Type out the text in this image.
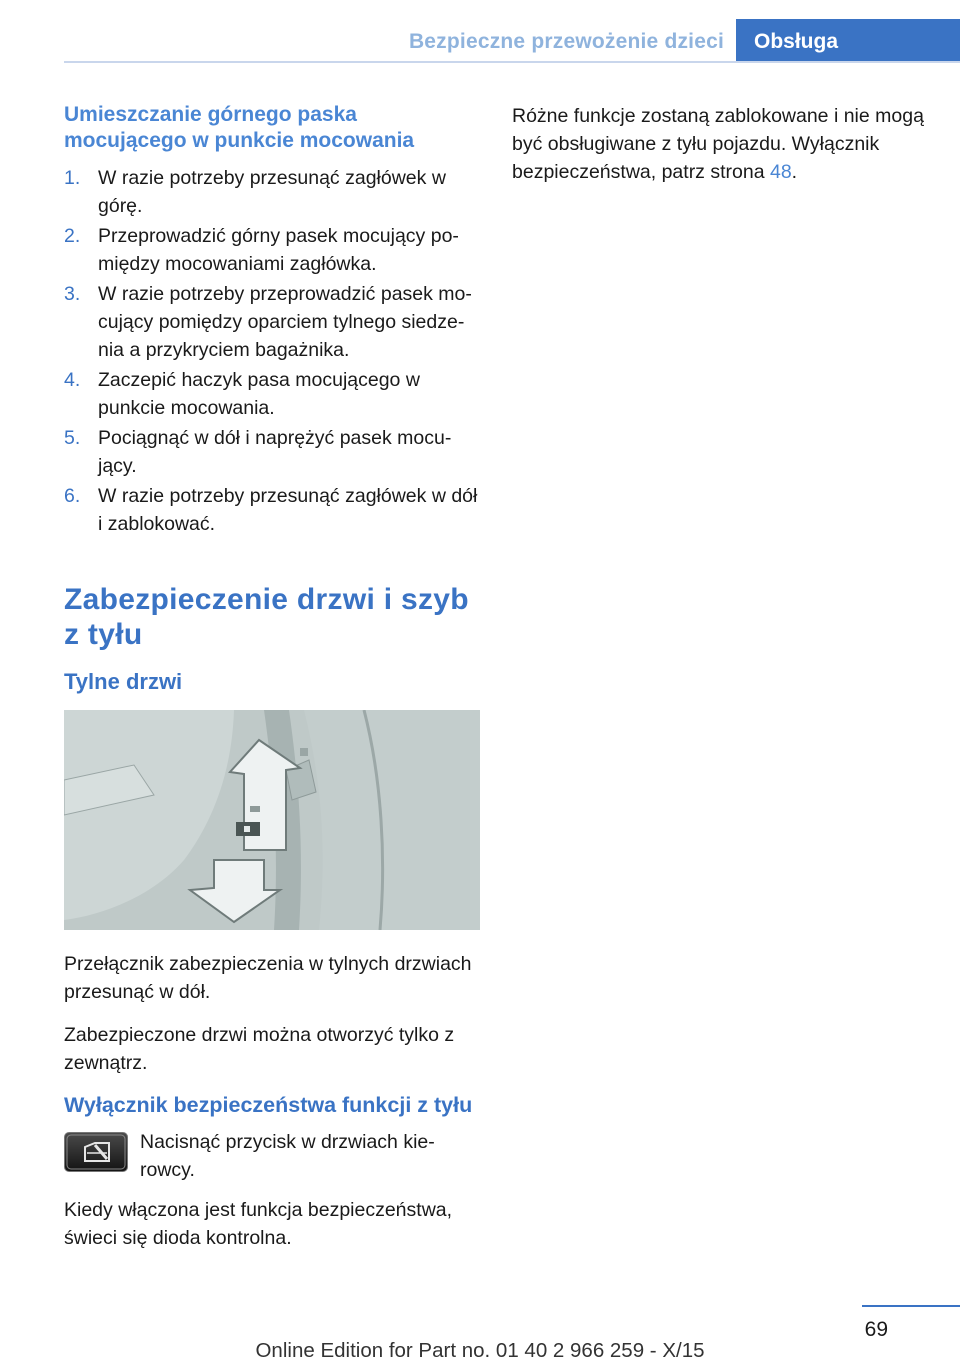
Bezpieczne przewożenie dzieci	Obsługa
Umieszczanie górnego paska mocującego w punkcie mocowania
1. W razie potrzeby przesunąć zagłówek w górę.
2. Przeprowadzić górny pasek mocujący pomiędzy mocowaniami zagłówka.
3. W razie potrzeby przeprowadzić pasek mocujący pomiędzy oparciem tylnego siedzenia a przykryciem bagażnika.
4. Zaczepić haczyk pasa mocującego w punkcie mocowania.
5. Pociągnąć w dół i naprężyć pasek mocujący.
6. W razie potrzeby przesunąć zagłówek w dół i zablokować.
Zabezpieczenie drzwi i szyb z tyłu
Tylne drzwi
Przełącznik zabezpieczenia w tylnych drzwiach przesunąć w dół.
Zabezpieczone drzwi można otworzyć tylko z zewnątrz.
Wyłącznik bezpieczeństwa funkcji z tyłu
Nacisnąć przycisk w drzwiach kierowcy.
Kiedy włączona jest funkcja bezpieczeństwa, świeci się dioda kontrolna.
Różne funkcje zostaną zablokowane i nie mogą być obsługiwane z tyłu pojazdu. Wyłącznik bezpieczeństwa, patrz strona 48.
69
Online Edition for Part no. 01 40 2 966 259 - X/15
